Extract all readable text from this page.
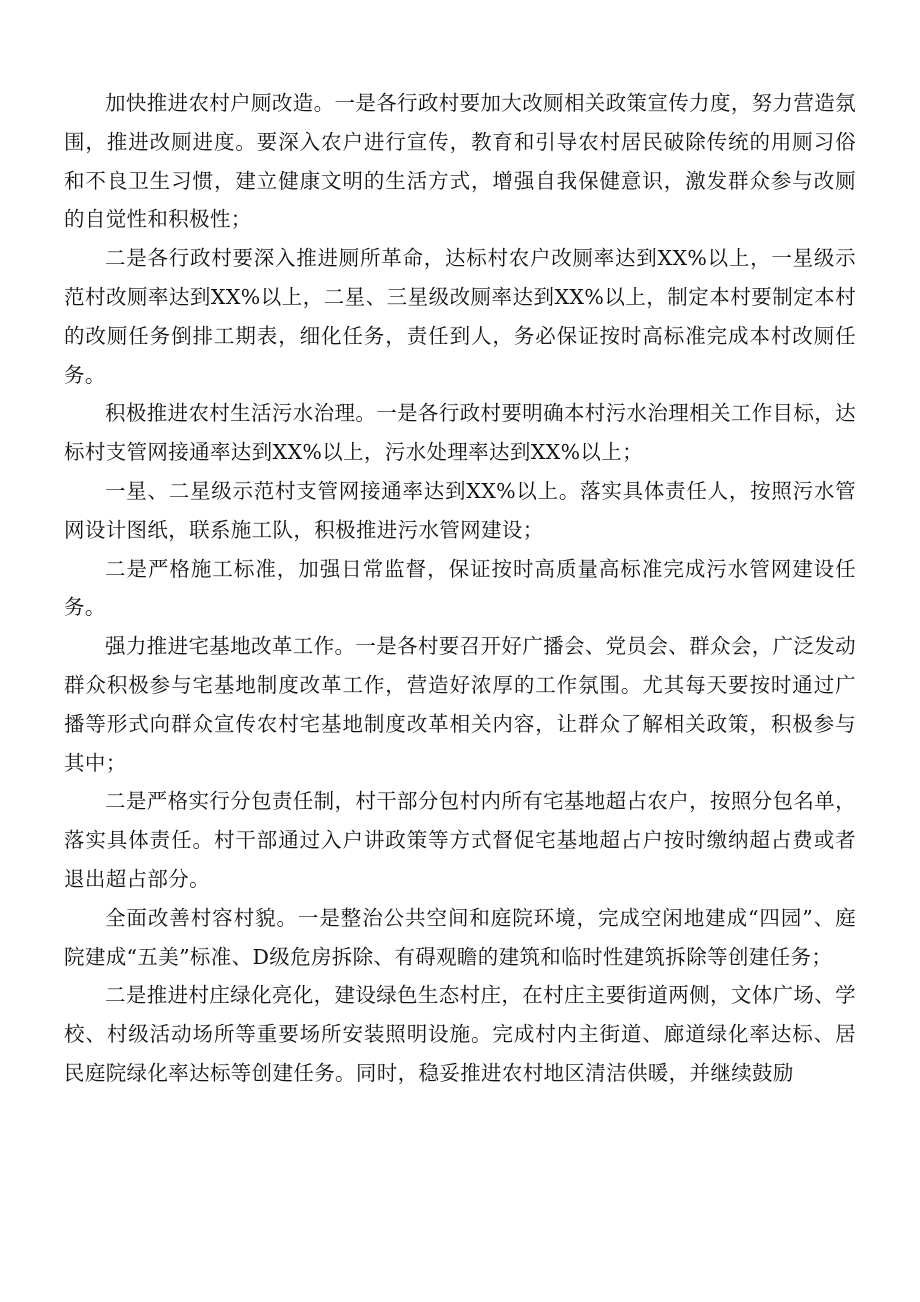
加快推进农村户厕改造。一是各行政村要加大改厕相关政策宣传力度，努力营造氛围，推进改厕进度。要深入农户进行宣传，教育和引导农村居民破除传统的用厕习俗和不良卫生习惯，建立健康文明的生活方式，增强自我保健意识，激发群众参与改厕的自觉性和积极性；

二是各行政村要深入推进厕所革命，达标村农户改厕率达到XX%以上，一星级示范村改厕率达到XX%以上，二星、三星级改厕率达到XX%以上，制定本村要制定本村的改厕任务倒排工期表，细化任务，责任到人，务必保证按时高标准完成本村改厕任务。

积极推进农村生活污水治理。一是各行政村要明确本村污水治理相关工作目标，达标村支管网接通率达到XX%以上，污水处理率达到XX%以上；

一星、二星级示范村支管网接通率达到XX%以上。落实具体责任人，按照污水管网设计图纸，联系施工队，积极推进污水管网建设；

二是严格施工标准，加强日常监督，保证按时高质量高标准完成污水管网建设任务。

强力推进宅基地改革工作。一是各村要召开好广播会、党员会、群众会，广泛发动群众积极参与宅基地制度改革工作，营造好浓厚的工作氛围。尤其每天要按时通过广播等形式向群众宣传农村宅基地制度改革相关内容，让群众了解相关政策，积极参与其中；

二是严格实行分包责任制，村干部分包村内所有宅基地超占农户，按照分包名单，落实具体责任。村干部通过入户讲政策等方式督促宅基地超占户按时缴纳超占费或者退出超占部分。

全面改善村容村貌。一是整治公共空间和庭院环境，完成空闲地建成“四园”、庭院建成“五美”标准、D级危房拆除、有碍观瞻的建筑和临时性建筑拆除等创建任务；

二是推进村庄绿化亮化，建设绿色生态村庄，在村庄主要街道两侧，文体广场、学校、村级活动场所等重要场所安装照明设施。完成村内主街道、廊道绿化率达标、居民庭院绿化率达标等创建任务。同时，稳妥推进农村地区清洁供暖，并继续鼓励
